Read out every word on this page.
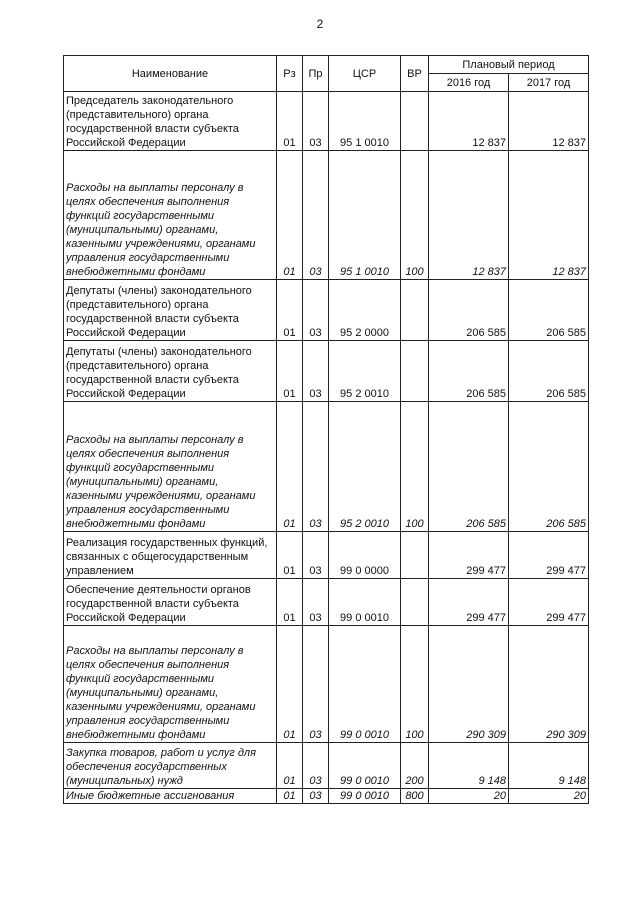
2
Наименование	Рз	Пр	ЦСР	ВР	Плановый период	
					2016 год	2017 год
Председатель законодательного (представительного) органа государственной власти субъекта Российской Федерации	01	03	95 1 0010		12 837	12 837
Расходы на выплаты персоналу в целях обеспечения выполнения функций государственными (муниципальными) органами, казенными учреждениями, органами управления государственными внебюджетными фондами	01	03	95 1 0010	100	12 837	12 837
Депутаты (члены) законодательного (представительного) органа государственной власти субъекта Российской Федерации	01	03	95 2 0000		206 585	206 585
Депутаты (члены) законодательного (представительного) органа государственной власти субъекта Российской Федерации	01	03	95 2 0010		206 585	206 585
Расходы на выплаты персоналу в целях обеспечения выполнения функций государственными (муниципальными) органами, казенными учреждениями, органами управления государственными внебюджетными фондами	01	03	95 2 0010	100	206 585	206 585
Реализация государственных функций, связанных с общегосударственным управлением	01	03	99 0 0000		299 477	299 477
Обеспечение деятельности органов государственной власти субъекта Российской Федерации	01	03	99 0 0010		299 477	299 477
Расходы на выплаты персоналу в целях обеспечения выполнения функций государственными (муниципальными) органами, казенными учреждениями, органами управления государственными внебюджетными фондами	01	03	99 0 0010	100	290 309	290 309
Закупка товаров, работ и услуг для обеспечения государственных (муниципальных) нужд	01	03	99 0 0010	200	9 148	9 148
Иные бюджетные ассигнования	01	03	99 0 0010	800	20	20
